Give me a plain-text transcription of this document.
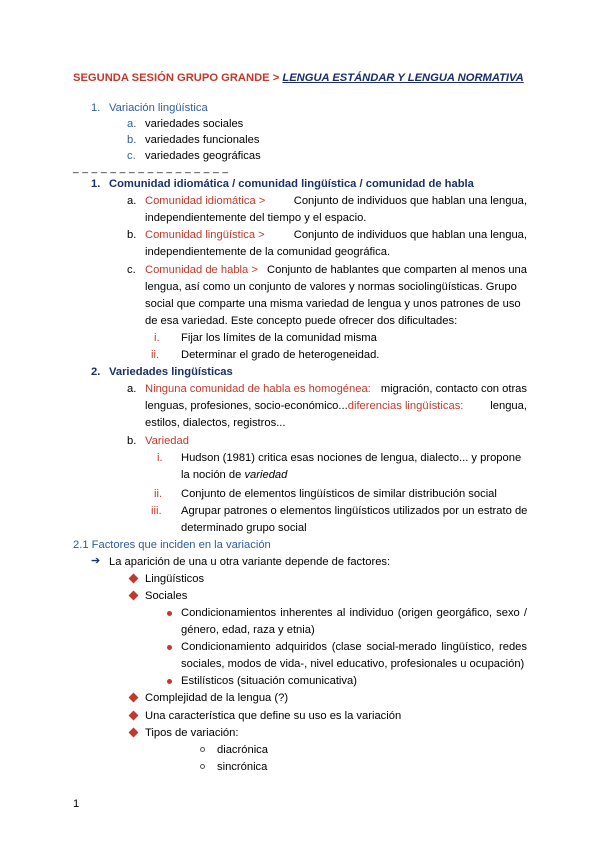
SEGUNDA SESIÓN GRUPO GRANDE > LENGUA ESTÁNDAR Y LENGUA NORMATIVA
1. Variación lingüística
a. variedades sociales
b. variedades funcionales
c. variedades geográficas
_ _ _ _ _ _ _ _ _ _ _ _ _ _ _ _ _
1. Comunidad idiomática / comunidad lingüística / comunidad de habla
a. Comunidad idiomática >	Conjunto de individuos que hablan una lengua,
independientemente del tiempo y el espacio.
b. Comunidad lingüística >	Conjunto de individuos que hablan una lengua,
independientemente de la comunidad geográfica.
c. Comunidad de habla > Conjunto de hablantes que comparten al menos una
lengua, así como un conjunto de valores y normas sociolingüísticas. Grupo
social que comparte una misma variedad de lengua y unos patrones de uso
de esa variedad. Este concepto puede ofrecer dos dificultades:
i. Fijar los límites de la comunidad misma
ii. Determinar el grado de heterogeneidad.
2. Variedades lingüísticas
a. Ninguna comunidad de habla es homogénea: migración, contacto con otras
lenguas, profesiones, socio-económico...diferencias lingüísticas: lengua,
estilos, dialectos, registros...
b. Variedad
i. Hudson (1981) critica esas nociones de lengua, dialecto... y propone
la noción de variedad
ii. Conjunto de elementos lingüísticos de similar distribución social
iii. Agrupar patrones o elementos lingüísticos utilizados por un estrato de
determinado grupo social
2.1 Factores que inciden en la variación
➔ La aparición de una u otra variante depende de factores:
Lingüísticos
Sociales
Condicionamientos inherentes al individuo (origen georgáfico, sexo /
género, edad, raza y etnia)
Condicionamiento adquiridos (clase social-merado lingüístico, redes
sociales, modos de vida-, nivel educativo, profesionales u ocupación)
Estilísticos (situación comunicativa)
Complejidad de la lengua (?)
Una característica que define su uso es la variación
Tipos de variación:
diacrónica
sincrónica
1
